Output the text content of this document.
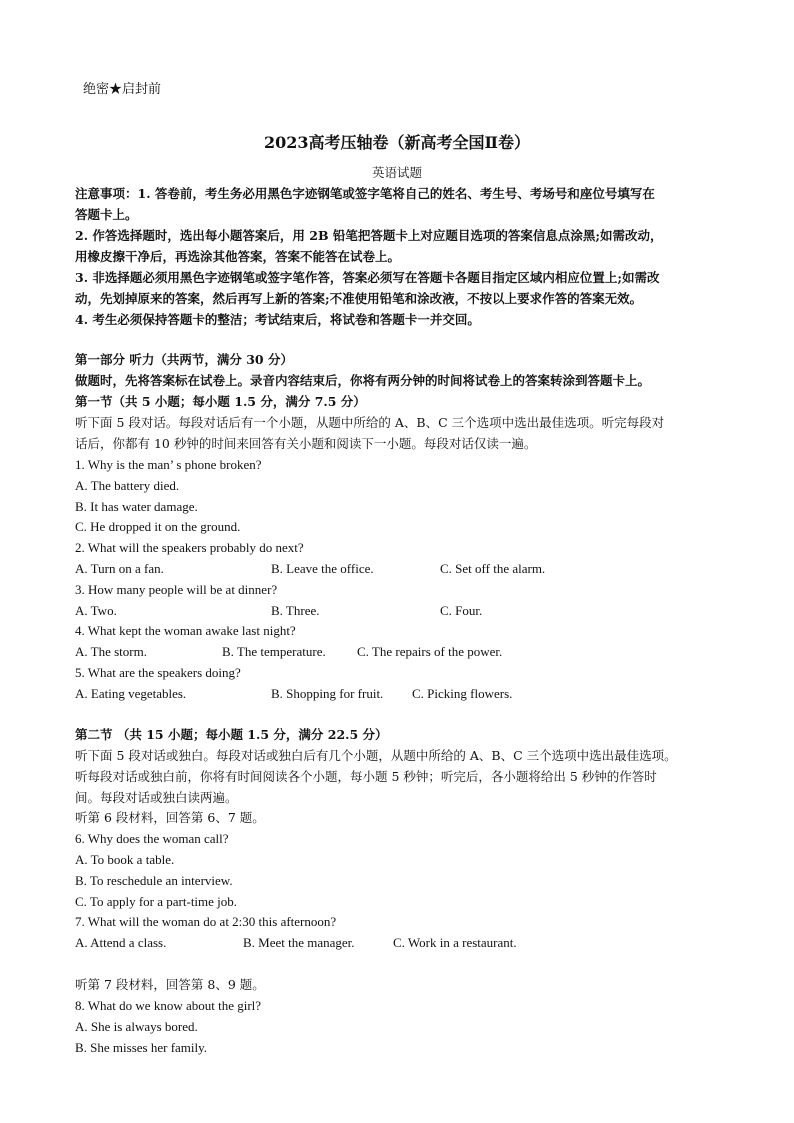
绝密★启封前
2023高考压轴卷（新高考全国Ⅱ卷）
英语试题
注意事项：1. 答卷前，考生务必用黑色字迹钢笔或签字笔将自己的姓名、考生号、考场号和座位号填写在
答题卡上。
2. 作答选择题时，选出每小题答案后，用 2B 铅笔把答题卡上对应题目选项的答案信息点涂黑;如需改动，
用橡皮擦干净后，再选涂其他答案，答案不能答在试卷上。
3. 非选择题必须用黑色字迹钢笔或签字笔作答，答案必须写在答题卡各题目指定区域内相应位置上;如需改
动，先划掉原来的答案，然后再写上新的答案;不准使用铅笔和涂改液，不按以上要求作答的答案无效。
4. 考生必须保持答题卡的整洁；考试结束后，将试卷和答题卡一并交回。
第一部分 听力（共两节，满分 30 分）
做题时，先将答案标在试卷上。录音内容结束后，你将有两分钟的时间将试卷上的答案转涂到答题卡上。
第一节（共 5 小题；每小题 1.5 分，满分 7.5 分）
听下面 5 段对话。每段对话后有一个小题，从题中所给的 A、B、C 三个选项中选出最佳选项。听完每段对
话后，你都有 10 秒钟的时间来回答有关小题和阅读下一小题。每段对话仅读一遍。
1. Why is the man’ s phone broken?
A. The battery died.
B. It has water damage.
C. He dropped it on the ground.
2. What will the speakers probably do next?
A. Turn on a fan.	B. Leave the office.	C. Set off the alarm.
3. How many people will be at dinner?
A. Two.	B. Three.	C. Four.
4. What kept the woman awake last night?
A. The storm.	B. The temperature. C. The repairs of the power.
5. What are the speakers doing?
A. Eating vegetables.	B. Shopping for fruit. C. Picking flowers.
第二节 （共 15 小题；每小题 1.5 分，满分 22.5 分）
听下面 5 段对话或独白。每段对话或独白后有几个小题，从题中所给的 A、B、C 三个选项中选出最佳选项。
听每段对话或独白前，你将有时间阅读各个小题，每小题 5 秒钟；听完后，各小题将给出 5 秒钟的作答时
间。每段对话或独白读两遍。
听第 6 段材料，回答第 6、7 题。
6. Why does the woman call?
A. To book a table.
B. To reschedule an interview.
C. To apply for a part-time job.
7. What will the woman do at 2:30 this afternoon?
A. Attend a class.	B. Meet the manager.	C. Work in a restaurant.
听第 7 段材料，回答第 8、9 题。
8. What do we know about the girl?
A. She is always bored.
B. She misses her family.
